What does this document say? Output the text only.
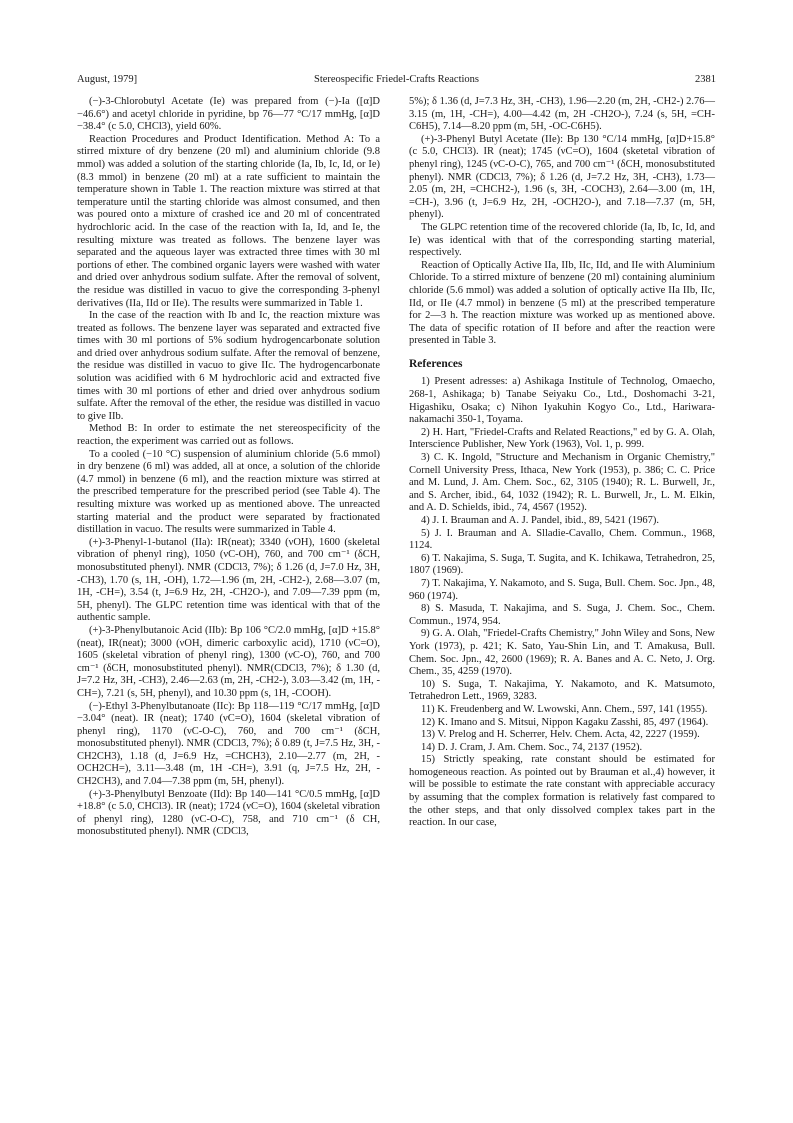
August, 1979]	Stereospecific Friedel-Crafts Reactions	2381

(−)-3-Chlorobutyl Acetate (Ie) was prepared from (−)-Ia ([α]D −46.6°) and acetyl chloride in pyridine, bp 76—77 °C/17 mmHg, [α]D −38.4° (c 5.0, CHCl3), yield 60%.

Reaction Procedures and Product Identification. Method A: To a stirred mixture of dry benzene (20 ml) and aluminium chloride (9.8 mmol) was added a solution of the starting chloride (Ia, Ib, Ic, Id, or Ie) (8.3 mmol) in benzene (20 ml) at a rate sufficient to maintain the temperature shown in Table 1. The reaction mixture was stirred at that temperature until the starting chloride was almost consumed, and then was poured onto a mixture of crashed ice and 20 ml of concentrated hydrochloric acid. In the case of the reaction with Ia, Id, and Ie, the resulting mixture was treated as follows. The benzene layer was separated and the aqueous layer was extracted three times with 30 ml portions of ether. The combined organic layers were washed with water and dried over anhydrous sodium sulfate. After the removal of solvent, the residue was distilled in vacuo to give the corresponding 3-phenyl derivatives (IIa, IId or IIe). The results were summarized in Table 1.

In the case of the reaction with Ib and Ic, the reaction mixture was treated as follows. The benzene layer was separated and extracted five times with 30 ml portions of 5% sodium hydrogencarbonate solution and dried over anhydrous sodium sulfate. After the removal of benzene, the residue was distilled in vacuo to give IIc. The hydrogencarbonate solution was acidified with 6 M hydrochloric acid and extracted five times with 30 ml portions of ether and dried over anhydrous sodium sulfate. After the removal of the ether, the residue was distilled in vacuo to give IIb.

Method B: In order to estimate the net stereospecificity of the reaction, the experiment was carried out as follows.

To a cooled (−10 °C) suspension of aluminium chloride (5.6 mmol) in dry benzene (6 ml) was added, all at once, a solution of the chloride (4.7 mmol) in benzene (6 ml), and the reaction mixture was stirred at the prescribed temperature for the prescribed period (see Table 4). The resulting mixture was worked up as mentioned above. The unreacted starting material and the product were separated by fractionated distillation in vacuo. The results were summarized in Table 4.

(+)-3-Phenyl-1-butanol (IIa): IR(neat); 3340 (νOH), 1600 (skeletal vibration of phenyl ring), 1050 (νC-OH), 760, and 700 cm⁻¹ (δCH, monosubstituted phenyl). NMR (CDCl3, 7%); δ 1.26 (d, J=7.0 Hz, 3H, -CH3), 1.70 (s, 1H, -OH), 1.72—1.96 (m, 2H, -CH2-), 2.68—3.07 (m, 1H, -CH=), 3.54 (t, J=6.9 Hz, 2H, -CH2O-), and 7.09—7.39 ppm (m, 5H, phenyl). The GLPC retention time was identical with that of the authentic sample.

(+)-3-Phenylbutanoic Acid (IIb): Bp 106 °C/2.0 mmHg, [α]D +15.8° (neat), IR(neat); 3000 (νOH, dimeric carboxylic acid), 1710 (νC=O), 1605 (skeletal vibration of phenyl ring), 1300 (νC-O), 760, and 700 cm⁻¹ (δCH, monosubstituted phenyl). NMR(CDCl3, 7%); δ 1.30 (d, J=7.2 Hz, 3H, -CH3), 2.46—2.63 (m, 2H, -CH2-), 3.03—3.42 (m, 1H, -CH=), 7.21 (s, 5H, phenyl), and 10.30 ppm (s, 1H, -COOH).

(−)-Ethyl 3-Phenylbutanoate (IIc): Bp 118—119 °C/17 mmHg, [α]D −3.04° (neat). IR (neat); 1740 (νC=O), 1604 (skeletal vibration of phenyl ring), 1170 (νC-O-C), 760, and 700 cm⁻¹ (δCH, monosubstituted phenyl). NMR (CDCl3, 7%); δ 0.89 (t, J=7.5 Hz, 3H, -CH2CH3), 1.18 (d, J=6.9 Hz, =CHCH3), 2.10—2.77 (m, 2H, -OCH2CH=), 3.11—3.48 (m, 1H -CH=), 3.91 (q, J=7.5 Hz, 2H, -CH2CH3), and 7.04—7.38 ppm (m, 5H, phenyl).

(+)-3-Phenylbutyl Benzoate (IId): Bp 140—141 °C/0.5 mmHg, [α]D +18.8° (c 5.0, CHCl3). IR (neat); 1724 (νC=O), 1604 (skeletal vibration of phenyl ring), 1280 (νC-O-C), 758, and 710 cm⁻¹ (δ CH, monosubstituted phenyl). NMR (CDCl3,

5%); δ 1.36 (d, J=7.3 Hz, 3H, -CH3), 1.96—2.20 (m, 2H, -CH2-) 2.76—3.15 (m, 1H, -CH=), 4.00—4.42 (m, 2H -CH2O-), 7.24 (s, 5H, =CH-C6H5), 7.14—8.20 ppm (m, 5H, -OC-C6H5).

(+)-3-Phenyl Butyl Acetate (IIe): Bp 130 °C/14 mmHg, [α]D+15.8° (c 5.0, CHCl3). IR (neat); 1745 (νC=O), 1604 (sketetal vibration of phenyl ring), 1245 (νC-O-C), 765, and 700 cm⁻¹ (δCH, monosubstituted phenyl). NMR (CDCl3, 7%); δ 1.26 (d, J=7.2 Hz, 3H, -CH3), 1.73—2.05 (m, 2H, =CHCH2-), 1.96 (s, 3H, -COCH3), 2.64—3.00 (m, 1H, =CH-), 3.96 (t, J=6.9 Hz, 2H, -OCH2O-), and 7.18—7.37 (m, 5H, phenyl).

The GLPC retention time of the recovered chloride (Ia, Ib, Ic, Id, and Ie) was identical with that of the corresponding starting material, respectively.

Reaction of Optically Active IIa, IIb, IIc, IId, and IIe with Aluminium Chloride. To a stirred mixture of benzene (20 ml) containing aluminium chloride (5.6 mmol) was added a solution of optically active IIa IIb, IIc, IId, or IIe (4.7 mmol) in benzene (5 ml) at the prescribed temperature for 2—3 h. The reaction mixture was worked up as mentioned above. The data of specific rotation of II before and after the reaction were presented in Table 3.

References

1) Present adresses: a) Ashikaga Institule of Technolog, Omaecho, 268-1, Ashikaga; b) Tanabe Seiyaku Co., Ltd., Doshomachi 3-21, Higashiku, Osaka; c) Nihon Iyakuhin Kogyo Co., Ltd., Hariwara-nakamachi 350-1, Toyama.

2) H. Hart, "Friedel-Crafts and Related Reactions," ed by G. A. Olah, Interscience Publisher, New York (1963), Vol. 1, p. 999.

3) C. K. Ingold, "Structure and Mechanism in Organic Chemistry," Cornell University Press, Ithaca, New York (1953), p. 386; C. C. Price and M. Lund, J. Am. Chem. Soc., 62, 3105 (1940); R. L. Burwell, Jr., and S. Archer, ibid., 64, 1032 (1942); R. L. Burwell, Jr., L. M. Elkin, and A. D. Schields, ibid., 74, 4567 (1952).

4) J. I. Brauman and A. J. Pandel, ibid., 89, 5421 (1967).

5) J. I. Brauman and A. Slladie-Cavallo, Chem. Commun., 1968, 1124.

6) T. Nakajima, S. Suga, T. Sugita, and K. Ichikawa, Tetrahedron, 25, 1807 (1969).

7) T. Nakajima, Y. Nakamoto, and S. Suga, Bull. Chem. Soc. Jpn., 48, 960 (1974).

8) S. Masuda, T. Nakajima, and S. Suga, J. Chem. Soc., Chem. Commun., 1974, 954.

9) G. A. Olah, "Friedel-Crafts Chemistry," John Wiley and Sons, New York (1973), p. 421; K. Sato, Yau-Shin Lin, and T. Amakusa, Bull. Chem. Soc. Jpn., 42, 2600 (1969); R. A. Banes and A. C. Neto, J. Org. Chem., 35, 4259 (1970).

10) S. Suga, T. Nakajima, Y. Nakamoto, and K. Matsumoto, Tetrahedron Lett., 1969, 3283.

11) K. Freudenberg and W. Lwowski, Ann. Chem., 597, 141 (1955).

12) K. Imano and S. Mitsui, Nippon Kagaku Zasshi, 85, 497 (1964).

13) V. Prelog and H. Scherrer, Helv. Chem. Acta, 42, 2227 (1959).

14) D. J. Cram, J. Am. Chem. Soc., 74, 2137 (1952).

15) Strictly speaking, rate constant should be estimated for homogeneous reaction. As pointed out by Brauman et al.,4) however, it will be possible to estimate the rate constant with appreciable accuracy by assuming that the complex formation is relatively fast compared to the other steps, and that only dissolved complex takes part in the reaction. In our case,
